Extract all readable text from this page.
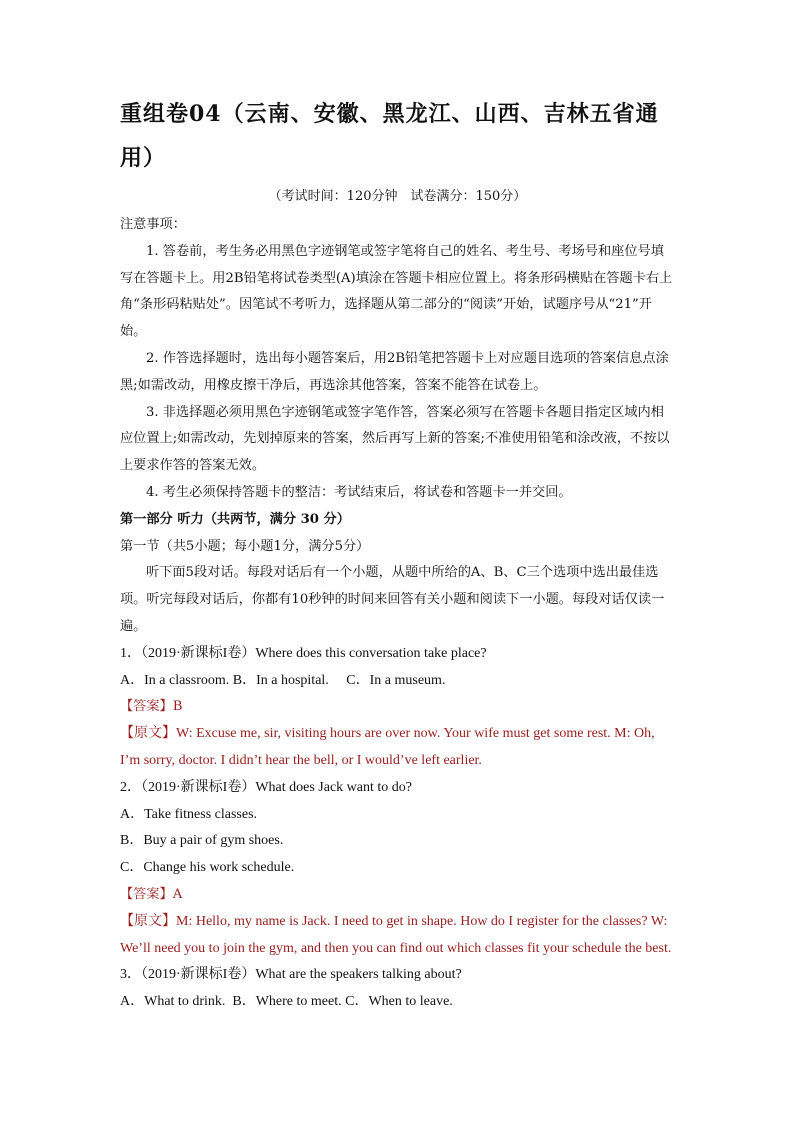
重组卷04（云南、安徽、黑龙江、山西、吉林五省通用）
（考试时间：120分钟　试卷满分：150分）

注意事项：

1. 答卷前，考生务必用黑色字迹钢笔或签字笔将自己的姓名、考生号、考场号和座位号填写在答题卡上。用2B铅笔将试卷类型(A)填涂在答题卡相应位置上。将条形码横贴在答题卡右上角“条形码粘贴处”。因笔试不考听力，选择题从第二部分的“阅读”开始，试题序号从“21”开始。

2. 作答选择题时，选出每小题答案后，用2B铅笔把答题卡上对应题目选项的答案信息点涂黑;如需改动，用橡皮擦干净后，再选涂其他答案，答案不能答在试卷上。

3. 非选择题必须用黑色字迹钢笔或签字笔作答，答案必须写在答题卡各题目指定区域内相应位置上;如需改动，先划掉原来的答案，然后再写上新的答案;不准使用铅笔和涂改液，不按以上要求作答的答案无效。

4. 考生必须保持答题卡的整洁：考试结束后，将试卷和答题卡一并交回。

第一部分 听力（共两节，满分 30 分）

第一节（共5小题；每小题1分，满分5分）

听下面5段对话。每段对话后有一个小题，从题中所给的A、B、C三个选项中选出最佳选项。听完每段对话后，你都有10秒钟的时间来回答有关小题和阅读下一小题。每段对话仅读一遍。

1．（2019·新课标I卷）Where does this conversation take place?

A．In a classroom. B．In a hospital.     C．In a museum.

【答案】B

【原文】W: Excuse me, sir, visiting hours are over now. Your wife must get some rest. M: Oh, I’m sorry, doctor. I didn’t hear the bell, or I would’ve left earlier.

2．（2019·新课标I卷）What does Jack want to do?

A．Take fitness classes.

B．Buy a pair of gym shoes.

C．Change his work schedule.

【答案】A

【原文】M: Hello, my name is Jack. I need to get in shape. How do I register for the classes? W: We’ll need you to join the gym, and then you can find out which classes fit your schedule the best.

3．（2019·新课标I卷）What are the speakers talking about?

A．What to drink.  B．Where to meet. C．When to leave.
